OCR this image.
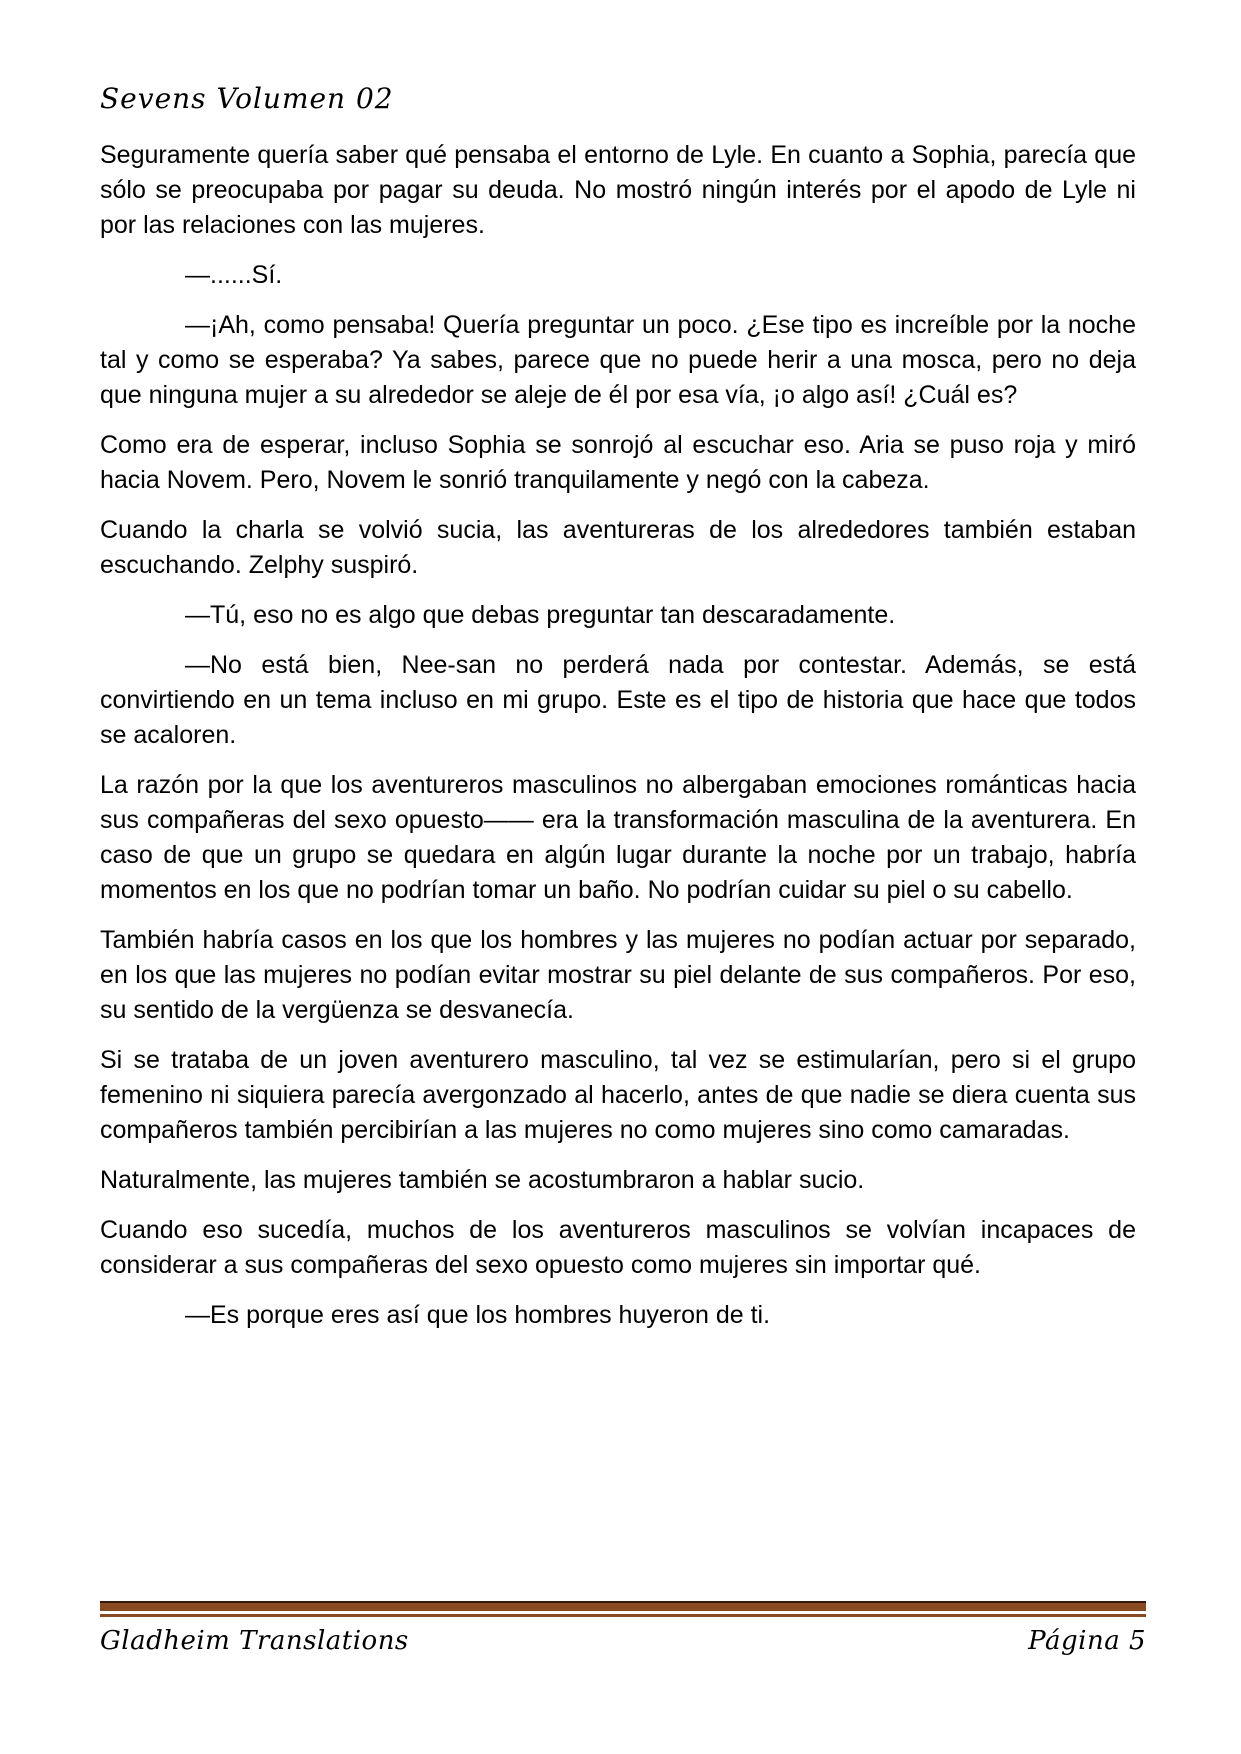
Sevens Volumen 02

Seguramente quería saber qué pensaba el entorno de Lyle. En cuanto a Sophia, parecía que sólo se preocupaba por pagar su deuda. No mostró ningún interés por el apodo de Lyle ni por las relaciones con las mujeres.

—......Sí.

—¡Ah, como pensaba! Quería preguntar un poco. ¿Ese tipo es increíble por la noche tal y como se esperaba? Ya sabes, parece que no puede herir a una mosca, pero no deja que ninguna mujer a su alrededor se aleje de él por esa vía, ¡o algo así! ¿Cuál es?

Como era de esperar, incluso Sophia se sonrojó al escuchar eso. Aria se puso roja y miró hacia Novem. Pero, Novem le sonrió tranquilamente y negó con la cabeza.

Cuando la charla se volvió sucia, las aventureras de los alrededores también estaban escuchando. Zelphy suspiró.

—Tú, eso no es algo que debas preguntar tan descaradamente.

—No está bien, Nee-san no perderá nada por contestar. Además, se está convirtiendo en un tema incluso en mi grupo. Este es el tipo de historia que hace que todos se acaloren.

La razón por la que los aventureros masculinos no albergaban emociones románticas hacia sus compañeras del sexo opuesto—— era la transformación masculina de la aventurera. En caso de que un grupo se quedara en algún lugar durante la noche por un trabajo, habría momentos en los que no podrían tomar un baño. No podrían cuidar su piel o su cabello.

También habría casos en los que los hombres y las mujeres no podían actuar por separado, en los que las mujeres no podían evitar mostrar su piel delante de sus compañeros. Por eso, su sentido de la vergüenza se desvanecía.

Si se trataba de un joven aventurero masculino, tal vez se estimularían, pero si el grupo femenino ni siquiera parecía avergonzado al hacerlo, antes de que nadie se diera cuenta sus compañeros también percibirían a las mujeres no como mujeres sino como camaradas.

Naturalmente, las mujeres también se acostumbraron a hablar sucio.

Cuando eso sucedía, muchos de los aventureros masculinos se volvían incapaces de considerar a sus compañeras del sexo opuesto como mujeres sin importar qué.

—Es porque eres así que los hombres huyeron de ti.

Gladheim Translations	Página 5
